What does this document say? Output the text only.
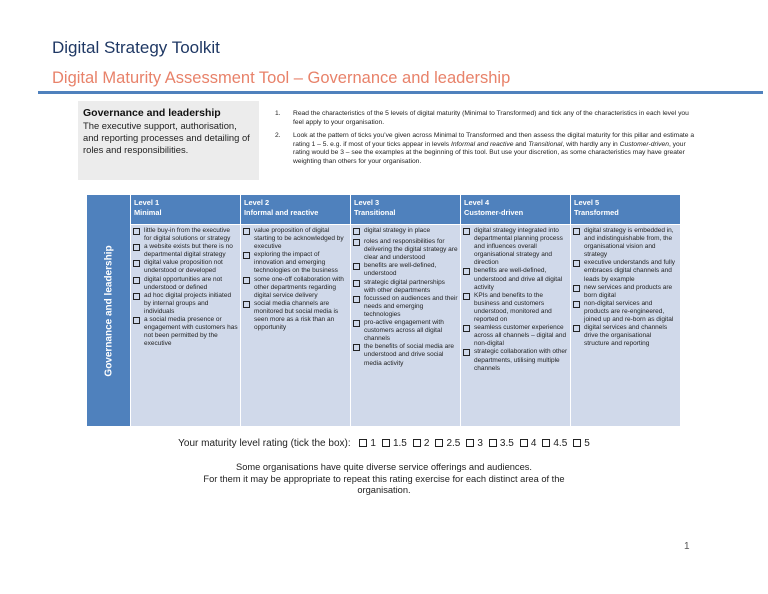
Digital Strategy Toolkit
Digital Maturity Assessment Tool – Governance and leadership
Governance and leadership
The executive support, authorisation, and reporting processes and detailing of roles and responsibilities.
1.	Read the characteristics of the 5 levels of digital maturity (Minimal to Transformed) and tick any of the characteristics in each level you feel apply to your organisation.
2.	Look at the pattern of ticks you’ve given across Minimal to Transformed and then assess the digital maturity for this pillar and estimate a rating 1 – 5. e.g. if most of your ticks appear in levels Informal and reactive and Transitional, with hardly any in Customer-driven, your rating would be 3 – see the examples at the beginning of this tool. But use your discretion, as some characteristics may have greater weighting than others for your organisation.
Governance and leadership
Level 1
Minimal
little buy-in from the executive for digital solutions or strategy
a website exists but there is no departmental digital strategy
digital value proposition not understood or developed
digital opportunities are not understood or defined
ad hoc digital projects initiated by internal groups and individuals
a social media presence or engagement with customers has not been permitted by the executive
Level 2
Informal and reactive
value proposition of digital starting to be acknowledged by executive
exploring the impact of innovation and emerging technologies on the business
some one-off collaboration with other departments regarding digital service delivery
social media channels are monitored but social media is seen more as a risk than an opportunity
Level 3
Transitional
digital strategy in place
roles and responsibilities for delivering the digital strategy are clear and understood
benefits are well-defined, understood
strategic digital partnerships with other departments
focussed on audiences and their needs and emerging technologies
pro-active engagement with customers across all digital channels
the benefits of social media are understood and drive social media activity
Level 4
Customer-driven
digital strategy integrated into departmental planning process and influences overall organisational strategy and direction
benefits are well-defined, understood and drive all digital activity
KPIs and benefits to the business and customers understood, monitored and reported on
seamless customer experience across all channels – digital and non-digital
strategic collaboration with other departments, utilising multiple channels
Level 5
Transformed
digital strategy is embedded in, and indistinguishable from, the organisational vision and strategy
executive understands and fully embraces digital channels and leads by example
new services and products are born digital
non-digital services and products are re-engineered, joined up and re-born as digital
digital services and channels drive the organisational structure and reporting
Your maturity level rating (tick the box): 1 1.5 2 2.5 3 3.5 4 4.5 5
Some organisations have quite diverse service offerings and audiences.
For them it may be appropriate to repeat this rating exercise for each distinct area of the organisation.
1
